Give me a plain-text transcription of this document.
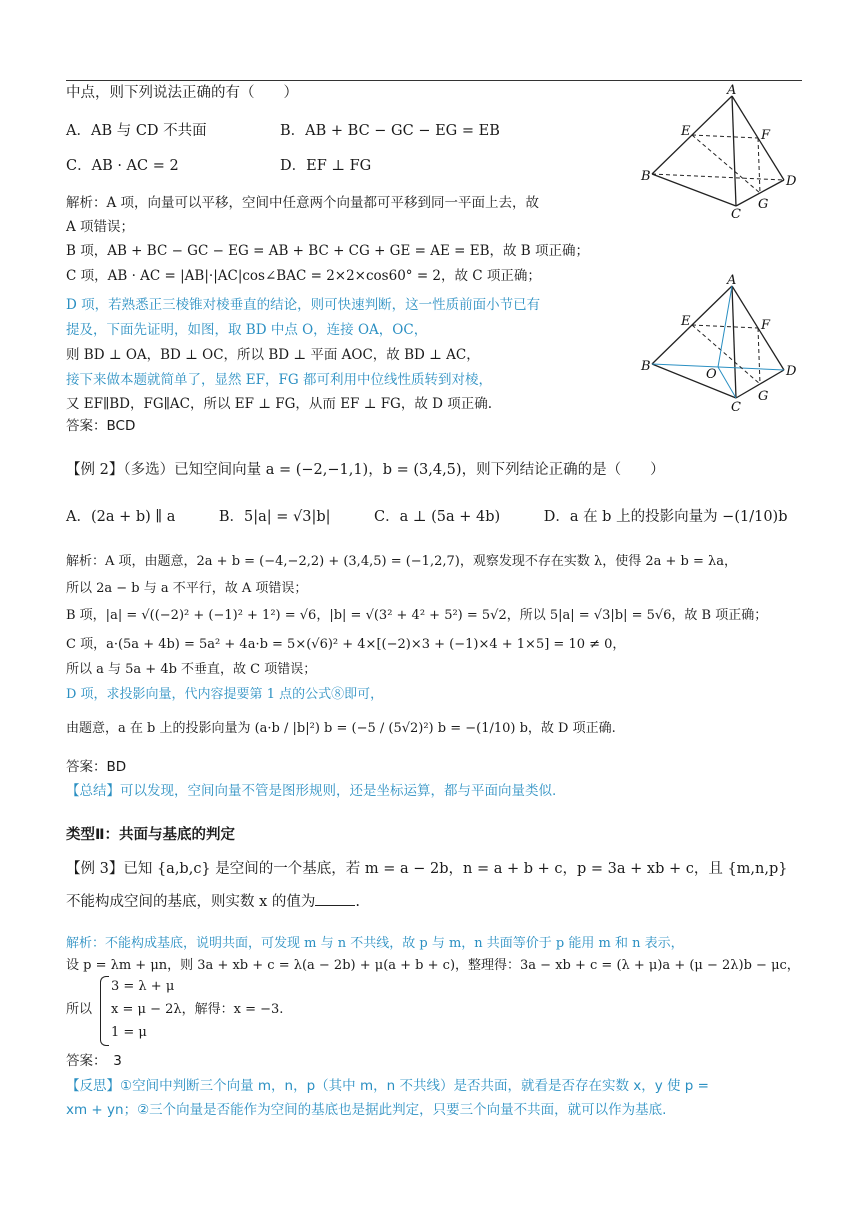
中点，则下列说法正确的有（　　）
A．AB 与 CD 不共面	B．AB + BC − GC − EG = EB
C．AB · AC = 2	D．EF ⊥ FG
解析：A 项，向量可以平移，空间中任意两个向量都可平移到同一平面上去，故
A 项错误；
B 项，AB + BC − GC − EG = AB + BC + CG + GE = AE = EB，故 B 项正确；
C 项，AB · AC = |AB|·|AC|cos∠BAC = 2×2×cos60° = 2，故 C 项正确；
D 项，若熟悉正三棱锥对棱垂直的结论，则可快速判断，这一性质前面小节已有
提及，下面先证明，如图，取 BD 中点 O，连接 OA，OC，
则 BD ⊥ OA，BD ⊥ OC，所以 BD ⊥ 平面 AOC，故 BD ⊥ AC，
接下来做本题就简单了，显然 EF，FG 都可利用中位线性质转到对棱，
又 EF∥BD，FG∥AC，所以 EF ⊥ FG，从而 EF ⊥ FG，故 D 项正确.
答案：BCD
A
E	F
B	D
C
G
A
E	F
B
O	D
C
G
【例 2】（多选）已知空间向量 a = (−2,−1,1)，b = (3,4,5)，则下列结论正确的是（　　）
A．(2a + b) ∥ a　　　B．5|a| = √3|b|　　　C．a ⊥ (5a + 4b)　　　D．a 在 b 上的投影向量为 −(1/10)b
解析：A 项，由题意，2a + b = (−4,−2,2) + (3,4,5) = (−1,2,7)，观察发现不存在实数 λ，使得 2a + b = λa，
所以 2a − b 与 a 不平行，故 A 项错误；
B 项，|a| = √((−2)² + (−1)² + 1²) = √6，|b| = √(3² + 4² + 5²) = 5√2，所以 5|a| = √3|b| = 5√6，故 B 项正确；
C 项，a·(5a + 4b) = 5a² + 4a·b = 5×(√6)² + 4×[(−2)×3 + (−1)×4 + 1×5] = 10 ≠ 0，
所以 a 与 5a + 4b 不垂直，故 C 项错误；
D 项，求投影向量，代内容提要第 1 点的公式⑧即可，
由题意，a 在 b 上的投影向量为 (a·b / |b|²) b = (−5 / (5√2)²) b = −(1/10) b，故 D 项正确.
答案：BD
【总结】可以发现，空间向量不管是图形规则，还是坐标运算，都与平面向量类似.
类型Ⅱ：共面与基底的判定
【例 3】已知 {a,b,c} 是空间的一个基底，若 m = a − 2b，n = a + b + c，p = 3a + xb + c，且 {m,n,p}
不能构成空间的基底，则实数 x 的值为	.
解析：不能构成基底，说明共面，可发现 m 与 n 不共线，故 p 与 m，n 共面等价于 p 能用 m 和 n 表示，
设 p = λm + μn，则 3a + xb + c = λ(a − 2b) + μ(a + b + c)，整理得：3a − xb + c = (λ + μ)a + (μ − 2λ)b − μc，
所以
3 = λ + μ
x = μ − 2λ，解得：x = −3.
1 = μ
答案：　3
【反思】①空间中判断三个向量 m，n，p（其中 m，n 不共线）是否共面，就看是否存在实数 x，y 使 p =
xm + yn；②三个向量是否能作为空间的基底也是据此判定，只要三个向量不共面，就可以作为基底.
